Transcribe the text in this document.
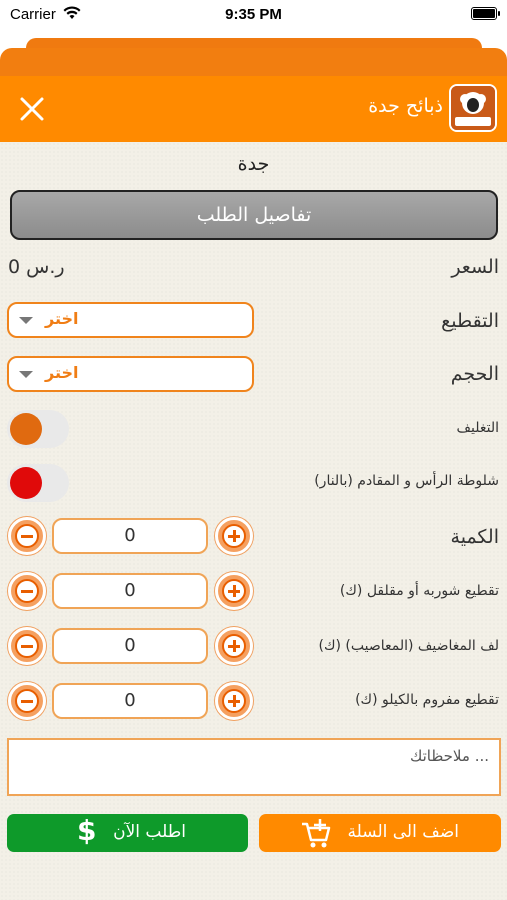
Carrier	9:35 PM
ذبائح جدة
جدة
تفاصيل الطلب
السعر
0 ر.س
التقطيع
اختر
الحجم
اختر
التغليف
شلوطة الرأس و المقادم (بالنار)
الكمية
0
تقطيع شوربه أو مقلقل (ك)
0
لف المغاضيف (المعاصيب) (ك)
0
تقطيع مفروم بالكيلو (ك)
0
ملاحظاتك ...
اضف الى السلة
اطلب الآن
$
